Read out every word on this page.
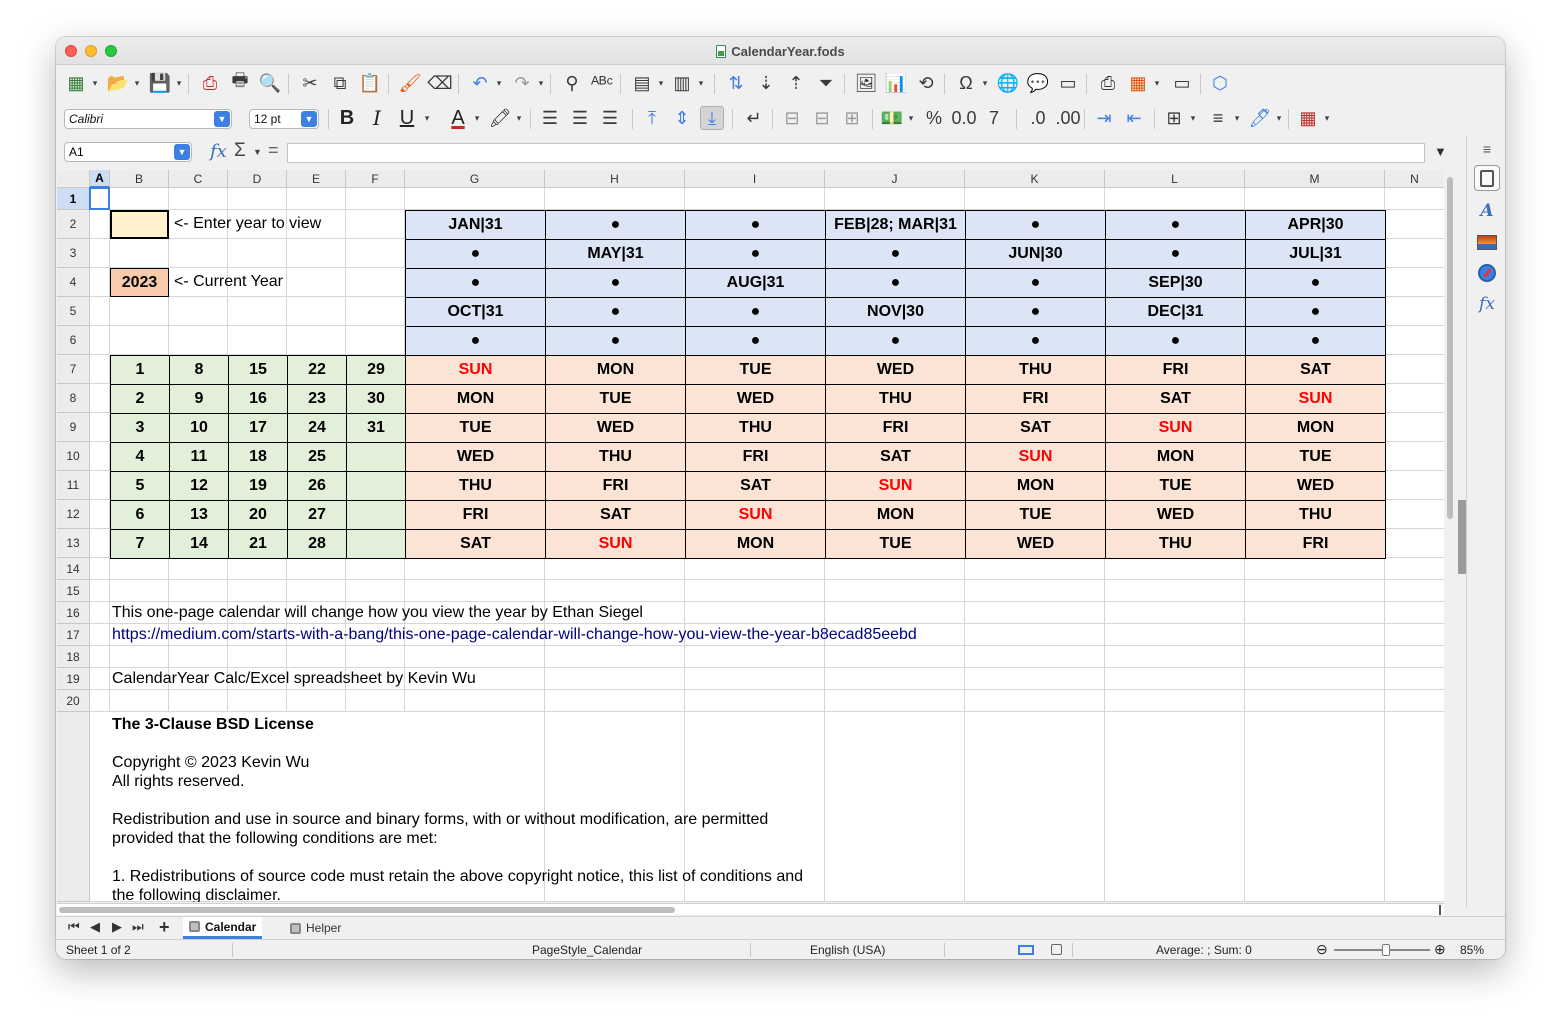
CalendarYear.fods
▦ ▾ 📂 ▾ 💾 ▾ ⎙ 🖶 🔍 ✂ ⧉ 📋 🖌 ⌫ ↶	▾ ↷	▾	⚲ ᴬᴮᶜ ▤ ▾ ▥ ▾ ⇅ ⇣ ⇡ ⏷ 🖼 📊 ⟲ Ω	▾ 🌐 💬 ▭ ⎙ ▦ ▾ ▭ ⬡
Calibri	▼	12 pt	▼ B I U	▾ A	▾ 🖍 ▾ ☰ ☰ ☰	⤒	⇕	⤓	↵ ⊟ ⊟ ⊞ 💵 ▾ % 0.0 7	.0 .00 ⇥ ⇤ ⊞	▾ ≡	▾ 🖊 ▾ ▦ ▾
A1	▼ fx Σ ▼ =	▼	≡
A
fx
A	B	C	D	E	F	G	H	I	J	K	L	M	N
1
2
3
4
5
6
7
8
9
10
11
12
13
14
15
16
17
18
19
20
<- Enter year to view
2023	<- Current Year
JAN|31	●	●	FEB|28; MAR|31	●	●	APR|30
●	MAY|31	●	●	JUN|30	●	JUL|31
●	●	AUG|31	●	●	SEP|30	●
OCT|31	●	●	NOV|30	●	DEC|31	●
●	●	●	●	●	●	●
1	8	15	22	29
2	9	16	23	30
3	10	17	24	31
4	11	18	25
5	12	19	26
6	13	20	27
7	14	21	28
SUN	MON	TUE	WED	THU	FRI	SAT
MON	TUE	WED	THU	FRI	SAT	SUN
TUE	WED	THU	FRI	SAT	SUN	MON
WED	THU	FRI	SAT	SUN	MON	TUE
THU	FRI	SAT	SUN	MON	TUE	WED
FRI	SAT	SUN	MON	TUE	WED	THU
SAT	SUN	MON	TUE	WED	THU	FRI
This one-page calendar will change how you view the year by Ethan Siegel
https://medium.com/starts-with-a-bang/this-one-page-calendar-will-change-how-you-view-the-year-b8ecad85eebd
CalendarYear Calc/Excel spreadsheet by Kevin Wu
The 3-Clause BSD License
Copyright © 2023 Kevin Wu
All rights reserved.
Redistribution and use in source and binary forms, with or without modification, are permitted
provided that the following conditions are met:
1. Redistributions of source code must retain the above copyright notice, this list of conditions and
the following disclaimer.
⏮ ◀ ▶ ⏭ +	Calendar	Helper
Sheet 1 of 2	PageStyle_Calendar	English (USA)	Average: ; Sum: 0	⊖	⊕ 85%
